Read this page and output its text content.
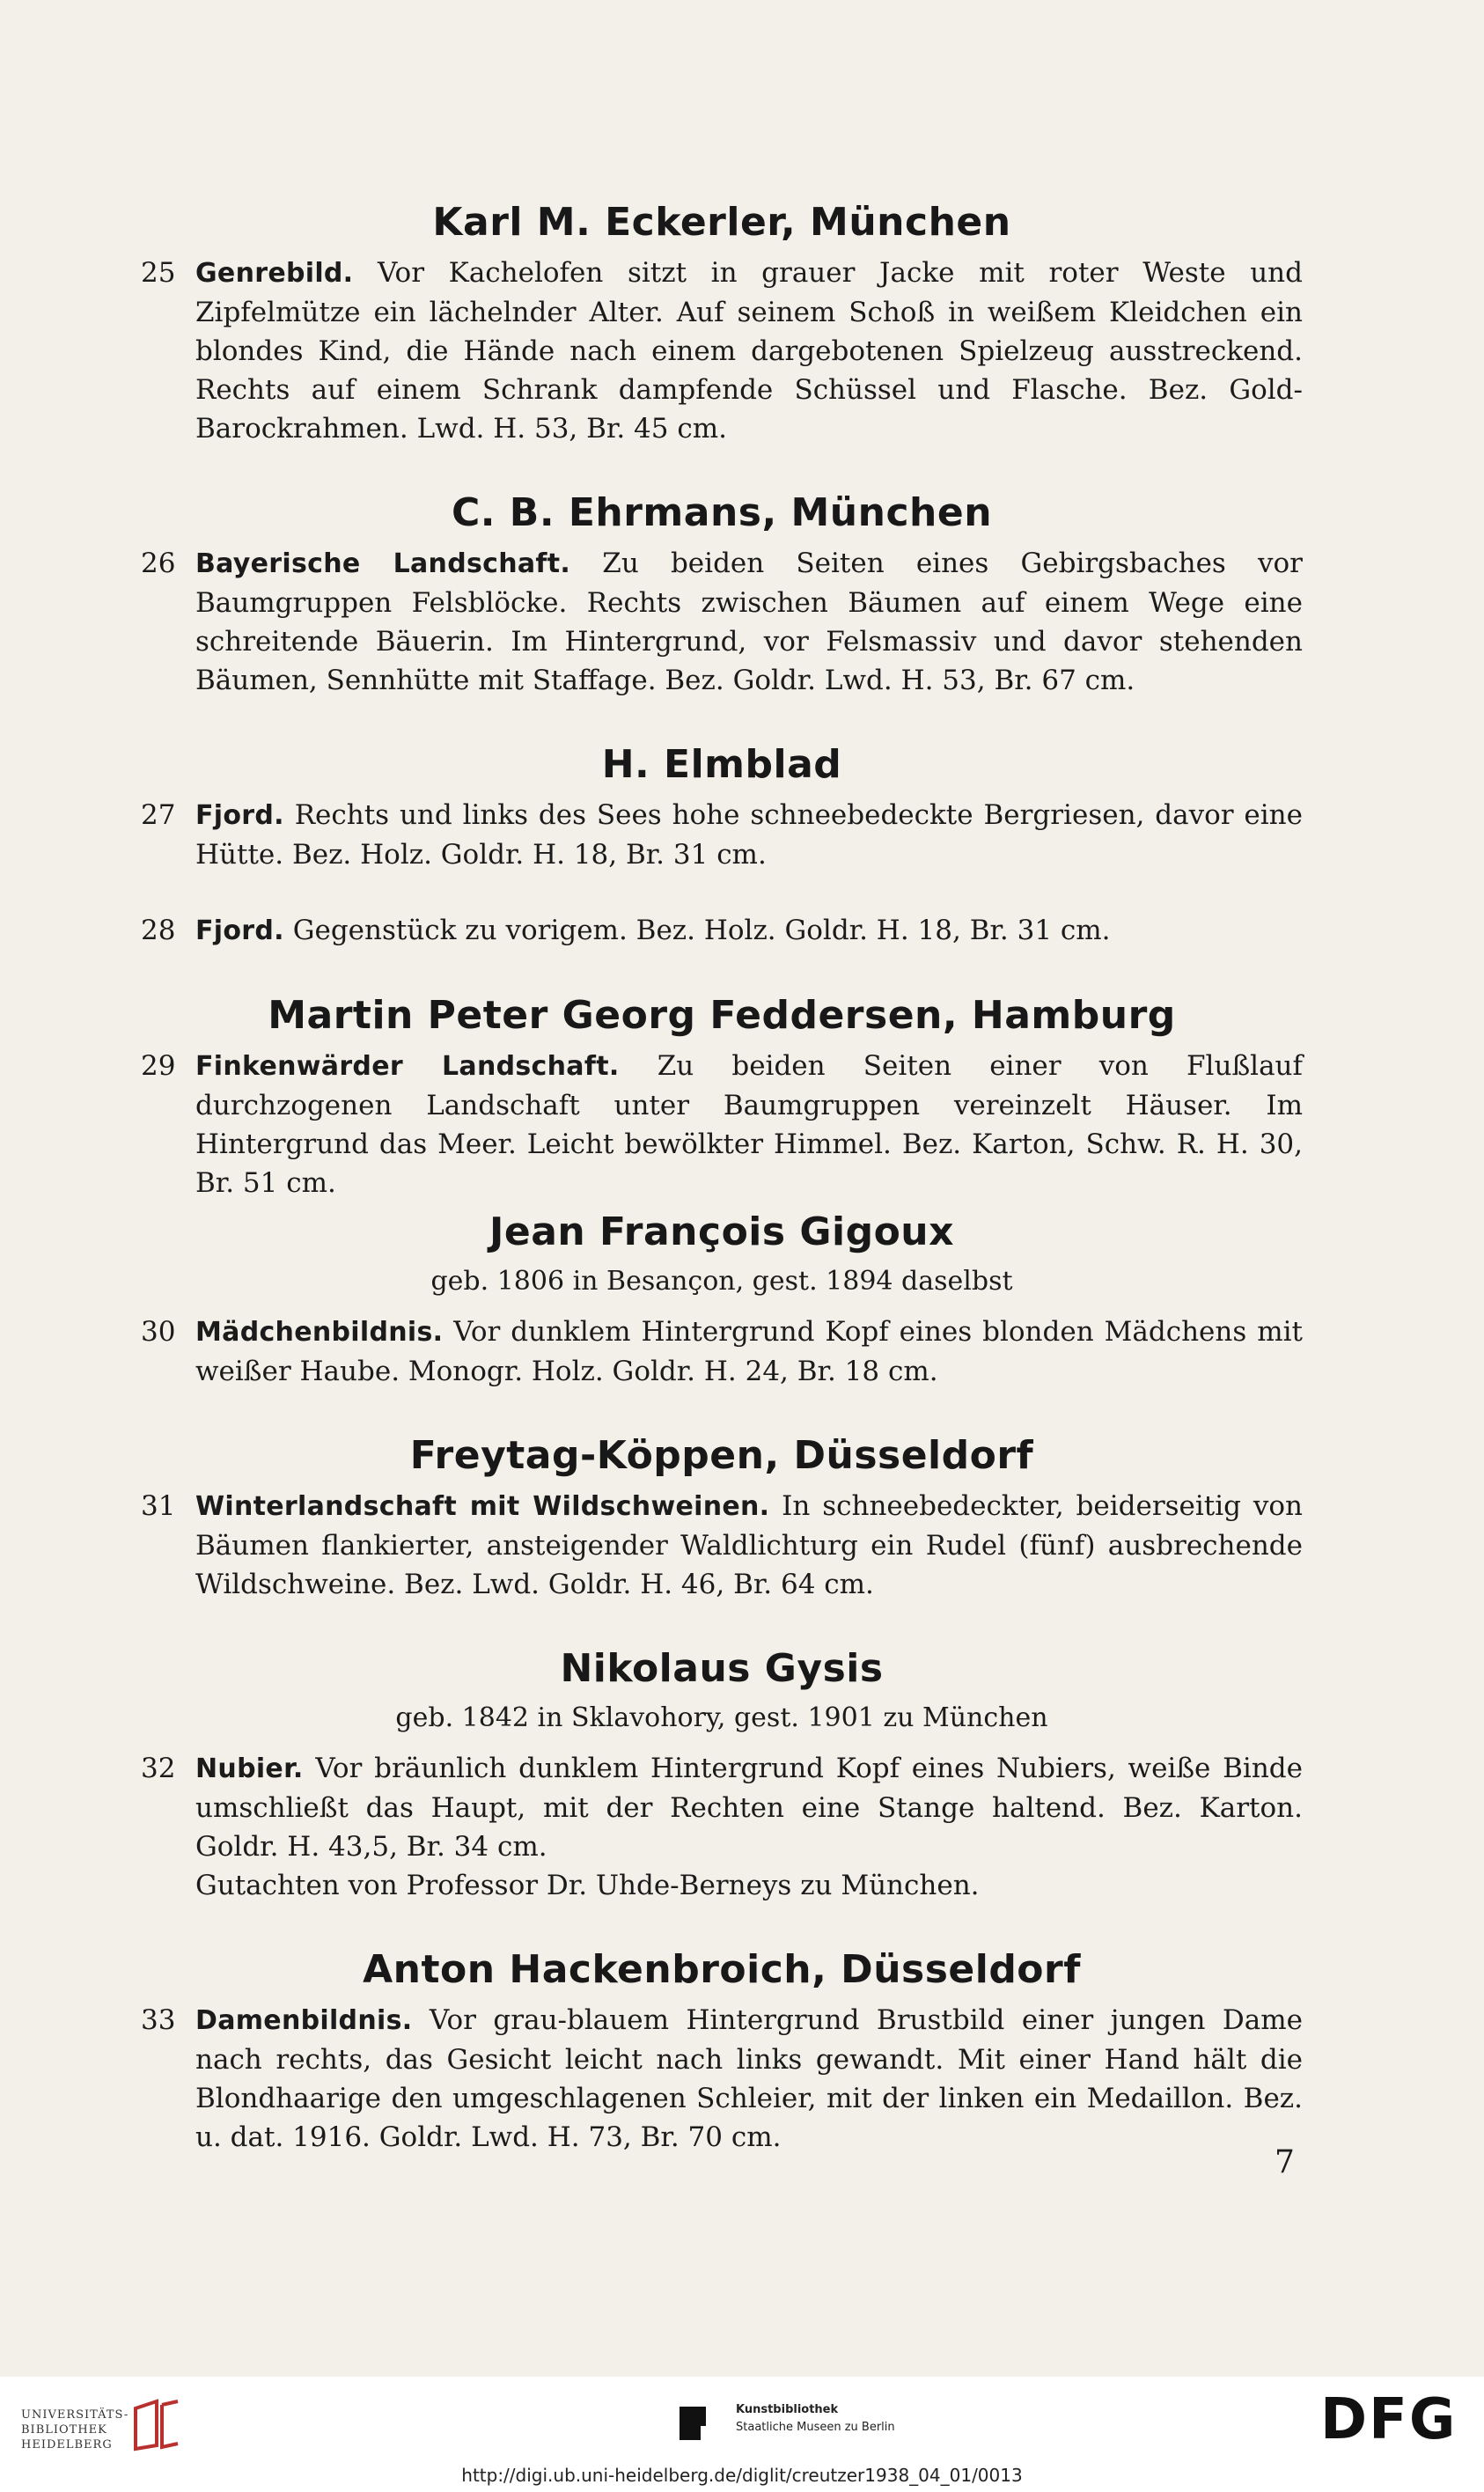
Karl M. Eckerler, München

25 Genrebild. Vor Kachelofen sitzt in grauer Jacke mit roter Weste und Zipfelmütze ein lächelnder Alter. Auf seinem Schoß in weißem Kleidchen ein blondes Kind, die Hände nach einem dargebotenen Spielzeug ausstreckend. Rechts auf einem Schrank dampfende Schüssel und Flasche. Bez. Gold-Barockrahmen. Lwd. H. 53, Br. 45 cm.

C. B. Ehrmans, München

26 Bayerische Landschaft. Zu beiden Seiten eines Gebirgsbaches vor Baumgruppen Felsblöcke. Rechts zwischen Bäumen auf einem Wege eine schreitende Bäuerin. Im Hintergrund, vor Felsmassiv und davor stehenden Bäumen, Sennhütte mit Staffage. Bez. Goldr. Lwd. H. 53, Br. 67 cm.

H. Elmblad

27 Fjord. Rechts und links des Sees hohe schneebedeckte Bergriesen, davor eine Hütte. Bez. Holz. Goldr. H. 18, Br. 31 cm.

28 Fjord. Gegenstück zu vorigem. Bez. Holz. Goldr. H. 18, Br. 31 cm.

Martin Peter Georg Feddersen, Hamburg

29 Finkenwärder Landschaft. Zu beiden Seiten einer von Flußlauf durchzogenen Landschaft unter Baumgruppen vereinzelt Häuser. Im Hintergrund das Meer. Leicht bewölkter Himmel. Bez. Karton, Schw. R. H. 30, Br. 51 cm.

Jean François Gigoux

geb. 1806 in Besançon, gest. 1894 daselbst

30 Mädchenbildnis. Vor dunklem Hintergrund Kopf eines blonden Mädchens mit weißer Haube. Monogr. Holz. Goldr. H. 24, Br. 18 cm.

Freytag-Köppen, Düsseldorf

31 Winterlandschaft mit Wildschweinen. In schneebedeckter, beiderseitig von Bäumen flankierter, ansteigender Waldlichturg ein Rudel (fünf) ausbrechende Wildschweine. Bez. Lwd. Goldr. H. 46, Br. 64 cm.

Nikolaus Gysis

geb. 1842 in Sklavohory, gest. 1901 zu München

32 Nubier. Vor bräunlich dunklem Hintergrund Kopf eines Nubiers, weiße Binde umschließt das Haupt, mit der Rechten eine Stange haltend. Bez. Karton. Goldr. H. 43,5, Br. 34 cm.

Gutachten von Professor Dr. Uhde-Berneys zu München.

Anton Hackenbroich, Düsseldorf

33 Damenbildnis. Vor grau-blauem Hintergrund Brustbild einer jungen Dame nach rechts, das Gesicht leicht nach links gewandt. Mit einer Hand hält die Blondhaarige den umgeschlagenen Schleier, mit der linken ein Medaillon. Bez. u. dat. 1916. Goldr. Lwd. H. 73, Br. 70 cm.

7
UNIVERSITÄTS-
BIBLIOTHEK
HEIDELBERG
Kunstbibliothek
Staatliche Museen zu Berlin	DFG
http://digi.ub.uni-heidelberg.de/diglit/creutzer1938_04_01/0013
